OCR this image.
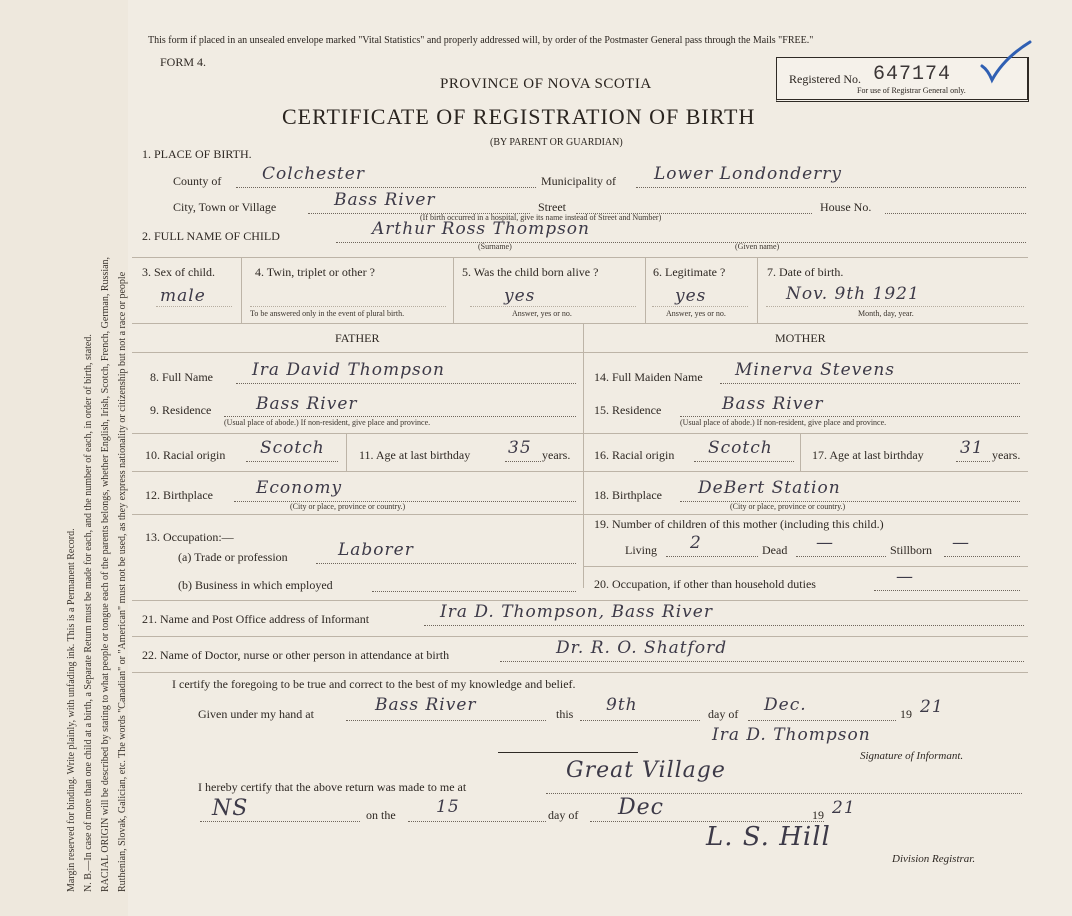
Margin reserved for binding. Write plainly, with unfading ink. This is a Permanent Record. N. B.—In case of more than one child at a birth, a Separate Return must be made for each, and the number of each, in order of birth, stated. RACIAL ORIGIN will be described by stating to what people or tongue each of the parents belongs, whether English, Irish, Scotch, French, German, Russian, Ruthenian, Slovak, Galician, etc. The words "Canadian" or "American" must not be used, as they express nationality or citizenship but not a race or people
This form if placed in an unsealed envelope marked "Vital Statistics" and properly addressed will, by order of the Postmaster General pass through the Mails "FREE."
FORM 4.
PROVINCE OF NOVA SCOTIA
CERTIFICATE OF REGISTRATION OF BIRTH
(BY PARENT OR GUARDIAN)
Registered No. 647174
For use of Registrar General only.
1. PLACE OF BIRTH.
County of Colchester	Municipality of Lower Londonderry
City, Town or Village	Bass River	Street	House No.
(If birth occurred in a hospital, give its name instead of Street and Number)
2. FULL NAME OF CHILD	Arthur Ross Thompson
(Surname)	(Given name)
3. Sex of child.
male
4. Twin, triplet or other ?
To be answered only in the event of plural birth.
5. Was the child born alive ?
yes
Answer, yes or no.
6. Legitimate ?
yes
Answer, yes or no.
7. Date of birth.
Nov. 9th 1921
Month, day, year.
FATHER	MOTHER
8. Full Name Ira David Thompson
9. Residence	Bass River
(Usual place of abode.) If non-resident, give place and province.
10. Racial origin Scotch	11. Age at last birthday 35 years.
12. Birthplace	Economy
(City or place, province or country.)
13. Occupation:—
(a) Trade or profession	Laborer
(b) Business in which employed
14. Full Maiden Name Minerva Stevens
15. Residence	Bass River
(Usual place of abode.) If non-resident, give place and province.
16. Racial origin Scotch	17. Age at last birthday 31 years.
18. Birthplace DeBert Station
(City or place, province or country.)
19. Number of children of this mother (including this child.)
Living 2	Dead —	Stillborn —
20. Occupation, if other than household duties	—
21. Name and Post Office address of Informant	Ira D. Thompson, Bass River
22. Name of Doctor, nurse or other person in attendance at birth	Dr. R. O. Shatford
I certify the foregoing to be true and correct to the best of my knowledge and belief.
Given under my hand at	Bass River	this 9th	day of Dec.	19 21
Ira D. Thompson
Signature of Informant.
I hereby certify that the above return was made to me at
Great Village
NS	on the 15	day of Dec	19 21
L. S. Hill
Division Registrar.
